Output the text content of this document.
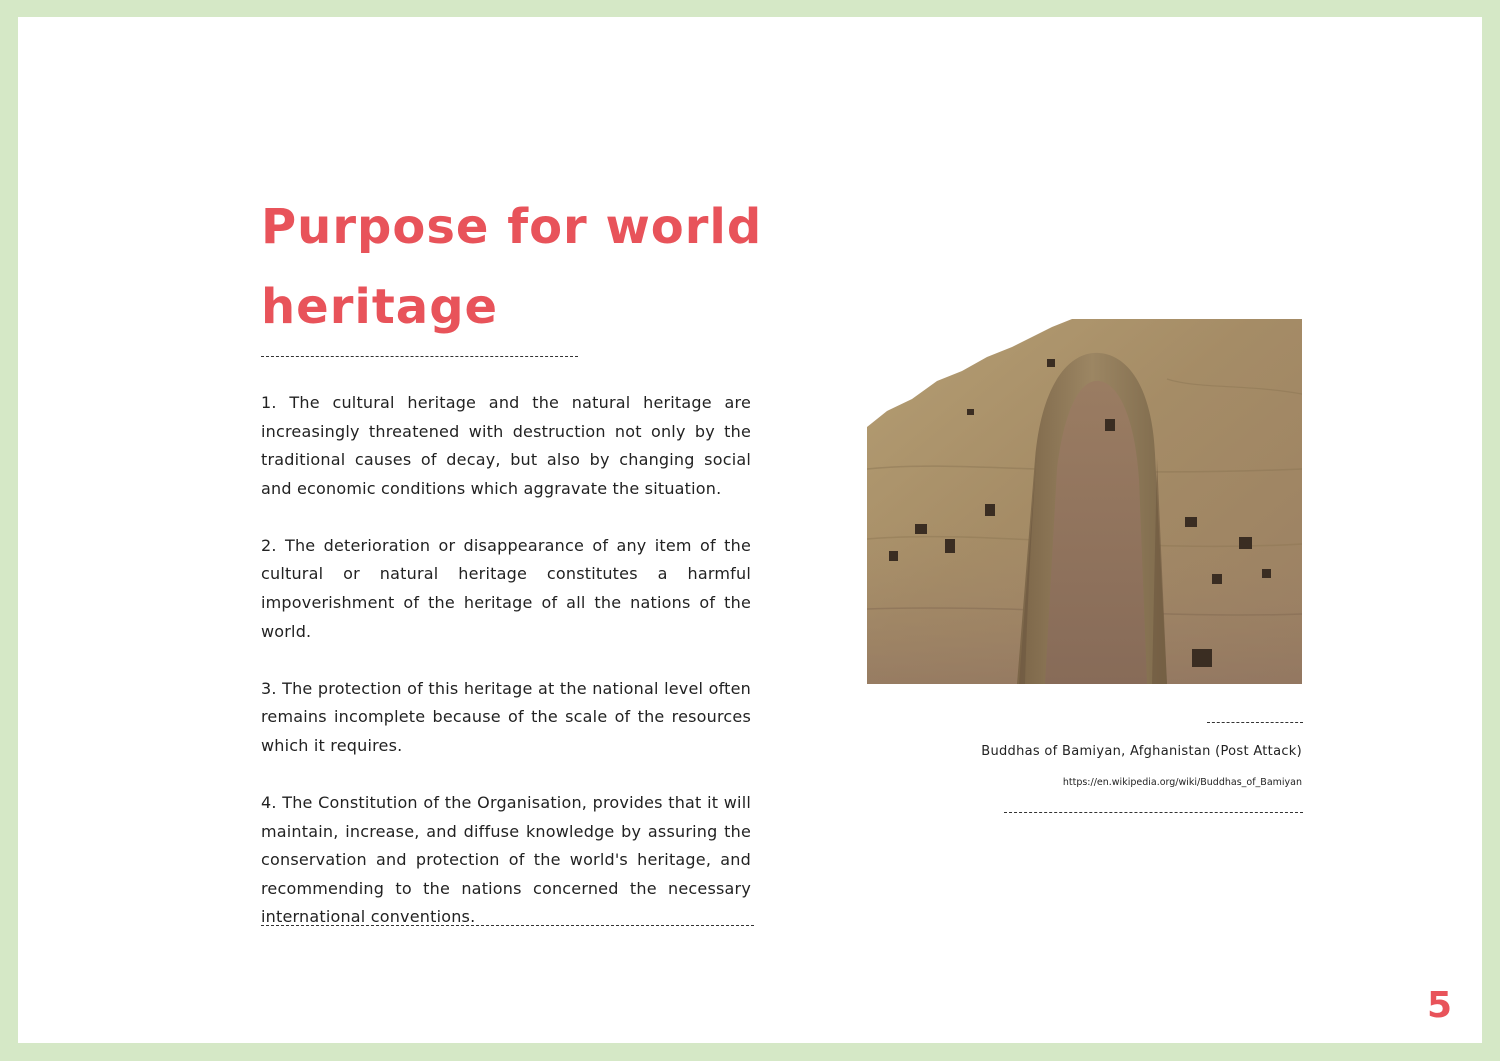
Purpose for world heritage

1. The cultural heritage and the natural heritage are increasingly threatened with destruction not only by the traditional causes of decay, but also by changing social and economic conditions which aggravate the situation.

2. The deterioration or disappearance of any item of the cultural or natural heritage constitutes a harmful impoverishment of the heritage of all the nations of the world.

3. The protection of this heritage at the national level often remains incomplete because of the scale of the resources which it requires.

4. The Constitution of the Organisation, provides that it will maintain, increase, and diffuse knowledge by assuring the conservation and protection of the world's heritage, and recommending to the nations concerned the necessary international conventions.

Buddhas of Bamiyan, Afghanistan (Post Attack)
https://en.wikipedia.org/wiki/Buddhas_of_Bamiyan
5
